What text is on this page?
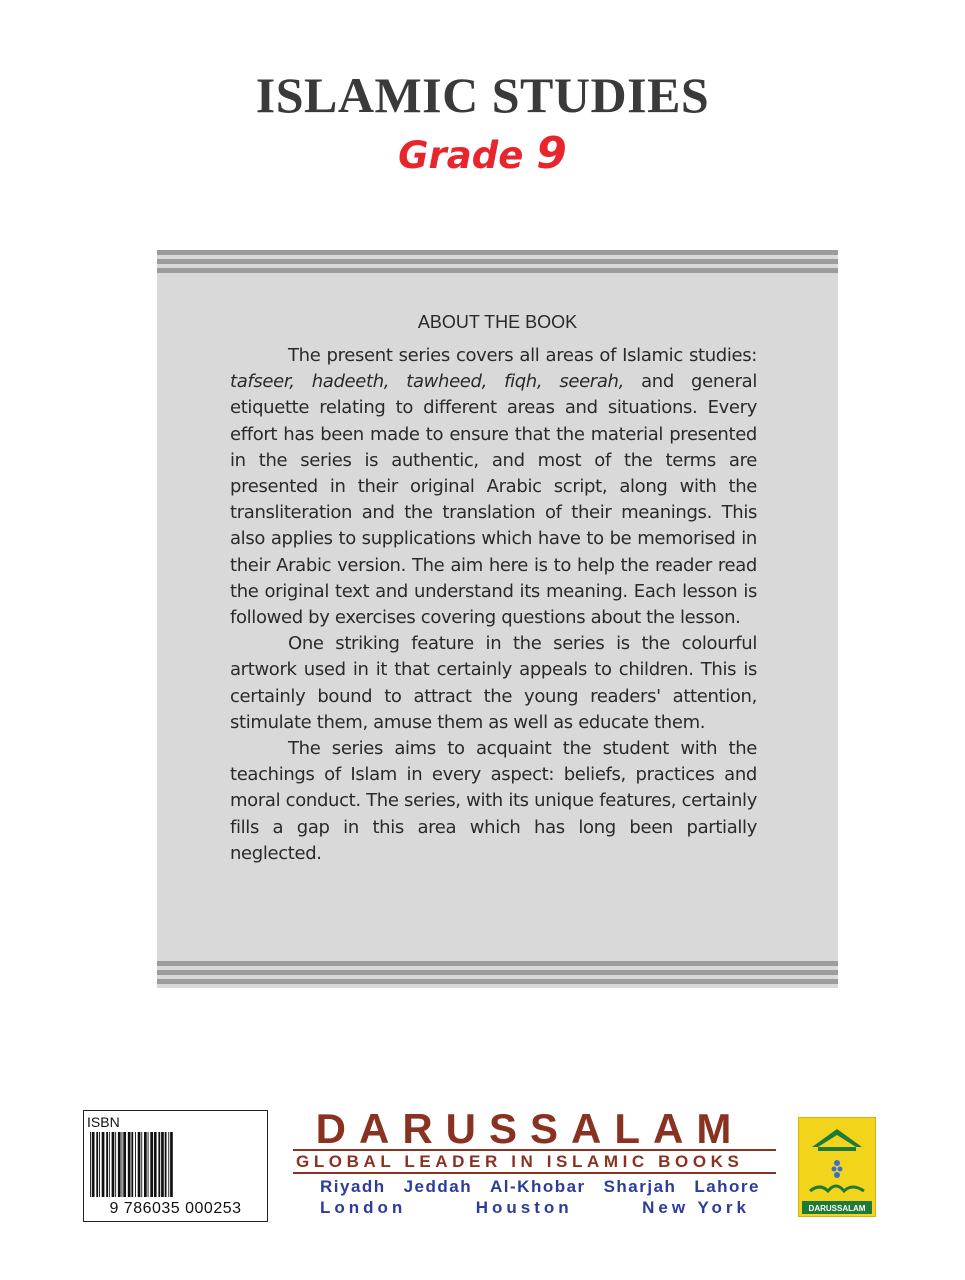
ISLAMIC STUDIES
Grade 9
ABOUT THE BOOK

The present series covers all areas of Islamic studies: tafseer, hadeeth, tawheed, fiqh, seerah, and general etiquette relating to different areas and situations. Every effort has been made to ensure that the material presented in the series is authentic, and most of the terms are presented in their original Arabic script, along with the transliteration and the translation of their meanings. This also applies to supplications which have to be memorised in their Arabic version. The aim here is to help the reader read the original text and understand its meaning. Each lesson is followed by exercises covering questions about the lesson.

One striking feature in the series is the colourful artwork used in it that certainly appeals to children. This is certainly bound to attract the young readers' attention, stimulate them, amuse them as well as educate them.

The series aims to acquaint the student with the teachings of Islam in every aspect: beliefs, practices and moral conduct. The series, with its unique features, certainly fills a gap in this area which has long been partially neglected.

ISBN
9 786035 000253
DARUSSALAM
GLOBAL LEADER IN ISLAMIC BOOKS
Riyadh Jeddah Al-Khobar Sharjah Lahore
London	Houston	New York	DARUSSALAM
